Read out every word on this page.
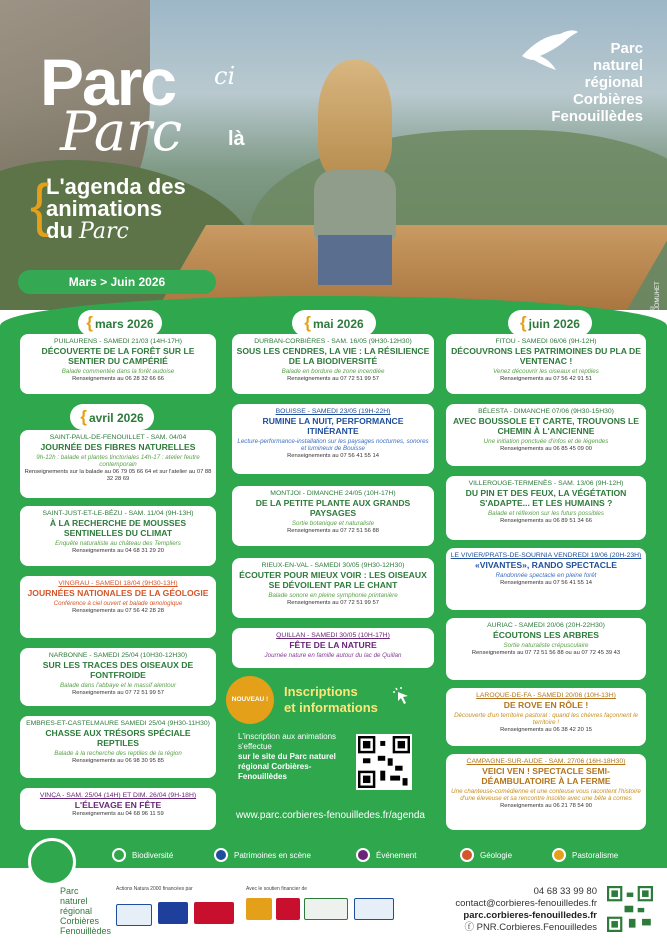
Parc ci
Parc là
{
L'agenda des
animations
du Parc
Parc
naturel
régional
Corbières
Fenouillèdes
© JDMUHET
Mars > Juin 2026
{ mars 2026
{ avril 2026
{ mai 2026	{ juin 2026
PUILAURENS - SAMEDI 21/03 (14H-17H)
DÉCOUVERTE DE LA FORÊT SUR LE SENTIER DU CAMPÉRIÉ
Balade commentée dans la forêt audoise
Renseignements au 06 28 32 66 66
SAINT-PAUL-DE-FENOUILLET - SAM. 04/04
JOURNÉE DES FIBRES NATURELLES
9h-12h : balade et plantes tinctoriales 14h-17 : atelier feutre contemporain
Renseignements sur la balade au 06 79 05 66 64 et sur l'atelier au 07 88 32 28 69
SAINT-JUST-ET-LE-BÉZU - SAM. 11/04 (9H-13H)
À LA RECHERCHE DE MOUSSES SENTINELLES DU CLIMAT
Enquête naturaliste au château des Templiers
Renseignements au 04 68 31 29 20
VINGRAU - SAMEDI 18/04 (9H30-13H)
JOURNÉES NATIONALES DE LA GÉOLOGIE
Conférence à ciel ouvert et balade œnologique
Renseignements au 07 56 42 28 28
NARBONNE - SAMEDI 25/04 (10H30-12H30)
SUR LES TRACES DES OISEAUX DE FONTFROIDE
Balade dans l'abbaye et le massif alentour
Renseignements au 07 72 51 99 57
EMBRES-ET-CASTELMAURE SAMEDI 25/04 (9H30-11H30)
CHASSE AUX TRÉSORS SPÉCIALE REPTILES
Balade à la recherche des reptiles de la région
Renseignements au 06 98 30 95 85
VINÇA - SAM. 25/04 (14H) ET DIM. 26/04 (9H-18H)
L'ÉLEVAGE EN FÊTE
Renseignements au 04 68 96 11 59
DURBAN-CORBIÈRES - SAM. 16/05 (9H30-12H30)
SOUS LES CENDRES, LA VIE : LA RÉSILIENCE DE LA BIODIVERSITÉ
Balade en bordure de zone incendiée
Renseignements au 07 72 51 99 57
BOUISSE - SAMEDI 23/05 (19H-22H)
RUMINE LA NUIT, PERFORMANCE ITINÉRANTE
Lecture-performance-installation sur les paysages nocturnes, sonores et lumineux de Bouisse
Renseignements au 07 56 41 55 14
MONTJOI - DIMANCHE 24/05 (10H-17H)
DE LA PETITE PLANTE AUX GRANDS PAYSAGES
Sortie botanique et naturaliste
Renseignements au 07 72 51 56 88
RIEUX-EN-VAL - SAMEDI 30/05 (9H30-12H30)
ÉCOUTER POUR MIEUX VOIR : LES OISEAUX SE DÉVOILENT PAR LE CHANT
Balade sonore en pleine symphonie printanière
Renseignements au 07 72 51 99 57
QUILLAN - SAMEDI 30/05 (10H-17H)
FÊTE DE LA NATURE
Journée nature en famille autour du lac de Quillan
FITOU - SAMEDI 06/06 (9H-12H)
DÉCOUVRONS LES PATRIMOINES DU PLA DE VENTENAC !
Venez découvrir les oiseaux et reptiles
Renseignements au 07 56 42 91 51
BÉLESTA - DIMANCHE 07/06 (9H30-15H30)
AVEC BOUSSOLE ET CARTE, TROUVONS LE CHEMIN À L'ANCIENNE
Une initiation ponctuée d'infos et de légendes
Renseignements au 06 85 45 09 00
VILLEROUGE-TERMENÈS - SAM. 13/06 (9H-12H)
DU PIN ET DES FEUX, LA VÉGÉTATION S'ADAPTE... ET LES HUMAINS ?
Balade et réflexion sur les futurs possibles
Renseignements au 06 89 51 34 66
LE VIVIER/PRATS-DE-SOURNIA VENDREDI 19/06 (20H-23H)
«VIVANTES», RANDO SPECTACLE
Randonnée spectacle en pleine forêt
Renseignements au 07 56 41 55 14
AURIAC - SAMEDI 20/06 (20H-22H30)
ÉCOUTONS LES ARBRES
Sortie naturaliste crépusculaire
Renseignements au 07 72 51 56 88 ou au 07 72 45 39 43
LAROQUE-DE-FA - SAMEDI 20/06 (10H-13H)
DE ROVE EN RÔLE !
Découverte d'un territoire pastoral : quand les chèvres façonnent le territoire !
Renseignements au 06 38 42 20 15
CAMPAGNE-SUR-AUDE - SAM. 27/06 (16H-18H30)
VEICI VEN ! SPECTACLE SEMI-DÉAMBULATOIRE À LA FERME
Une chanteuse-comédienne et une conteuse vous racontent l'histoire d'une éleveuse et sa rencontre insolite avec une bête à cornes
Renseignements au 06 21 78 54 90
NOUVEAU !
Inscriptions
et informations
L'inscription aux animations s'effectue
sur le site du Parc naturel régional Corbières-Fenouillèdes
www.parc.corbieres-fenouilledes.fr/agenda
Biodiversité	Patrimoines en scène	Événement	Géologie	Pastoralisme
Parc
naturel
régional
Corbières
Fenouillèdes
Actions Natura 2000 financées par	Avec le soutien financier de	04 68 33 99 80
contact@corbieres-fenouilledes.fr
parc.corbieres-fenouilledes.fr
ⓕ PNR.Corbieres.Fenouilledes
